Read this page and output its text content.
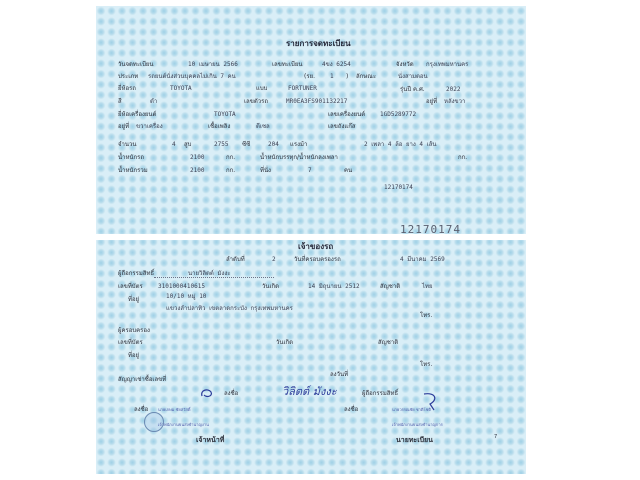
รายการจดทะเบียน
วันจดทะเบียน	10 เมษายน 2566	เลขทะเบียน	4ขง 6254	จังหวัด กรุงเทพมหานคร
ประเภท รถยนต์นั่งส่วนบุคคลไม่เกิน 7 คน	(รย.	1 ) ลักษณะ	นั่งสามตอน
ยี่ห้อรถ	TOYOTA	แบบ	FORTUNER	รุ่นปี ค.ศ.	2022
สี	ดำ	เลขตัวรถ	MR0EA3FS901132217	อยู่ที่ หลังขวา
ยี่ห้อเครื่องยนต์	TOYOTA	เลขเครื่องยนต์ 1GD5289772
อยู่ที่ ขวาเครื่อง	เชื้อเพลิง	ดีเซล	เลขถังแก๊ส
จำนวน	4 สูบ	2755 ซีซี	204 แรงม้า	2 เพลา 4 ล้อ ยาง 4 เส้น
น้ำหนักรถ	2100	กก.	น้ำหนักบรรทุก/น้ำหนักลงเพลา	กก.
น้ำหนักรวม	2100	กก.	ที่นั่ง	7	คน
12170174
12170174
เจ้าของรถ
ลำดับที่	2	วันที่ครอบครองรถ	4 มีนาคม 2569
ผู้ถือกรรมสิทธิ์	นายวิลิตต์ มังงะ
เลขที่บัตร	3101000410615	วันเกิด	14 มิถุนายน 2512	สัญชาติ	ไทย
ที่อยู่	10/10 หมู่ 10
แขวงลำปลาทิว เขตลาดกระบัง กรุงเทพมหานคร
โทร.
ผู้ครอบครอง
เลขที่บัตร	วันเกิด	สัญชาติ
ที่อยู่
โทร.
สัญญาเช่าซื้อเลขที่
ลงวันที่
ลงชื่อ	วิลิตต์ มังงะ	ผู้ถือกรรมสิทธิ์
ลงชื่อ นายเกษม ชัยสวัสดิ์	ลงชื่อ	นายวรรณชัย ชาติโชติ
เจ้าพนักงานขนส่งชำนาญงาน	เจ้าพนักงานขนส่งชำนาญการ
เจ้าหน้าที่	นายทะเบียน	7
